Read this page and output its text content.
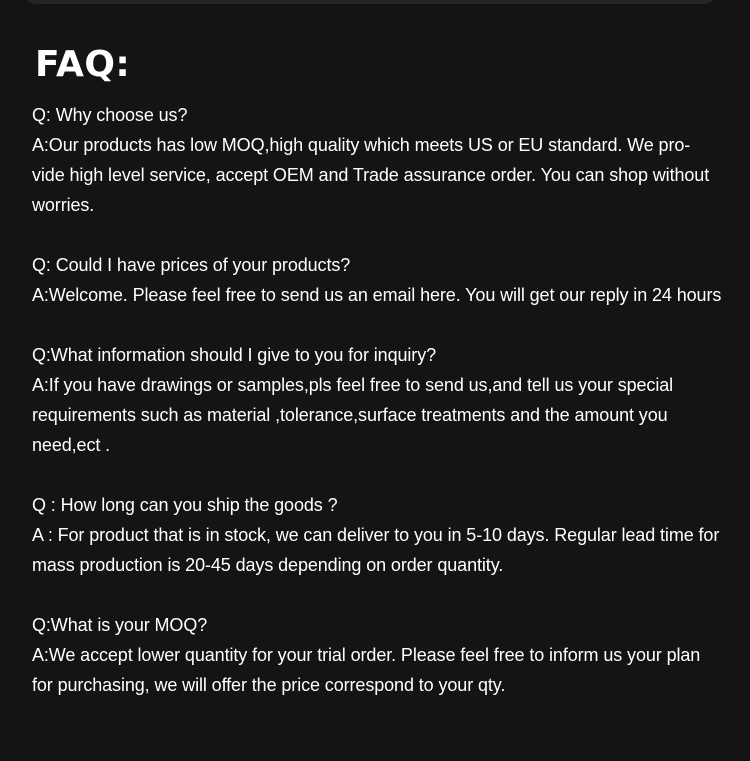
FAQ:

Q: Why choose us?

A:Our products has low MOQ,high quality which meets US or EU standard. We pro-vide high level service, accept OEM and Trade assurance order. You can shop without worries.

Q: Could I have prices of your products?

A:Welcome. Please feel free to send us an email here. You will get our reply in 24 hours

Q:What information should I give to you for inquiry?

A:If you have drawings or samples,pls feel free to send us,and tell us your special requirements such as material ,tolerance,surface treatments and the amount you need,ect .

Q : How long can you ship the goods ?

A : For product that is in stock, we can deliver to you in 5-10 days. Regular lead time for mass production is 20-45 days depending on order quantity.

Q:What is your MOQ?

A:We accept lower quantity for your trial order. Please feel free to inform us your plan for purchasing, we will offer the price correspond to your qty.
